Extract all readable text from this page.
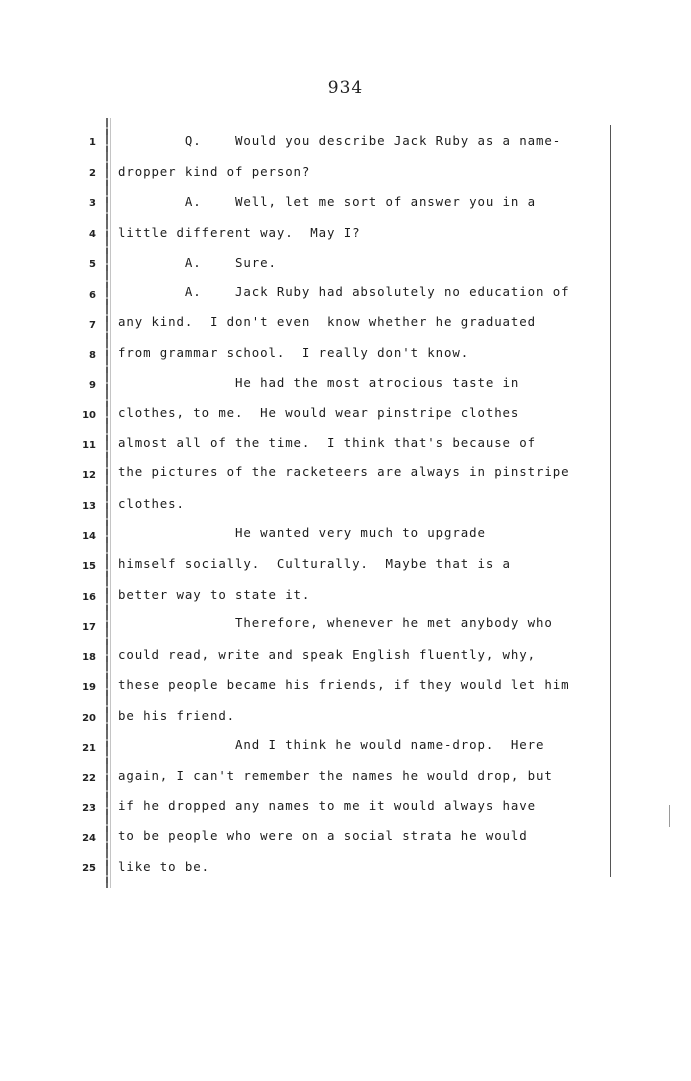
934
1
2
3
4
5
6
7
8
9
10
11
12
13
14
15
16
17
18
19
20
21
22
23
24
25
Q.    Would you describe Jack Ruby as a name-
dropper kind of person?
A.    Well, let me sort of answer you in a
little different way.  May I?
A.    Sure.
A.    Jack Ruby had absolutely no education of
any kind.  I don't even  know whether he graduated
from grammar school.  I really don't know.
He had the most atrocious taste in
clothes, to me.  He would wear pinstripe clothes
almost all of the time.  I think that's because of
the pictures of the racketeers are always in pinstripe
clothes.
He wanted very much to upgrade
himself socially.  Culturally.  Maybe that is a
better way to state it.
Therefore, whenever he met anybody who
could read, write and speak English fluently, why,
these people became his friends, if they would let him
be his friend.
And I think he would name-drop.  Here
again, I can't remember the names he would drop, but
if he dropped any names to me it would always have
to be people who were on a social strata he would
like to be.
